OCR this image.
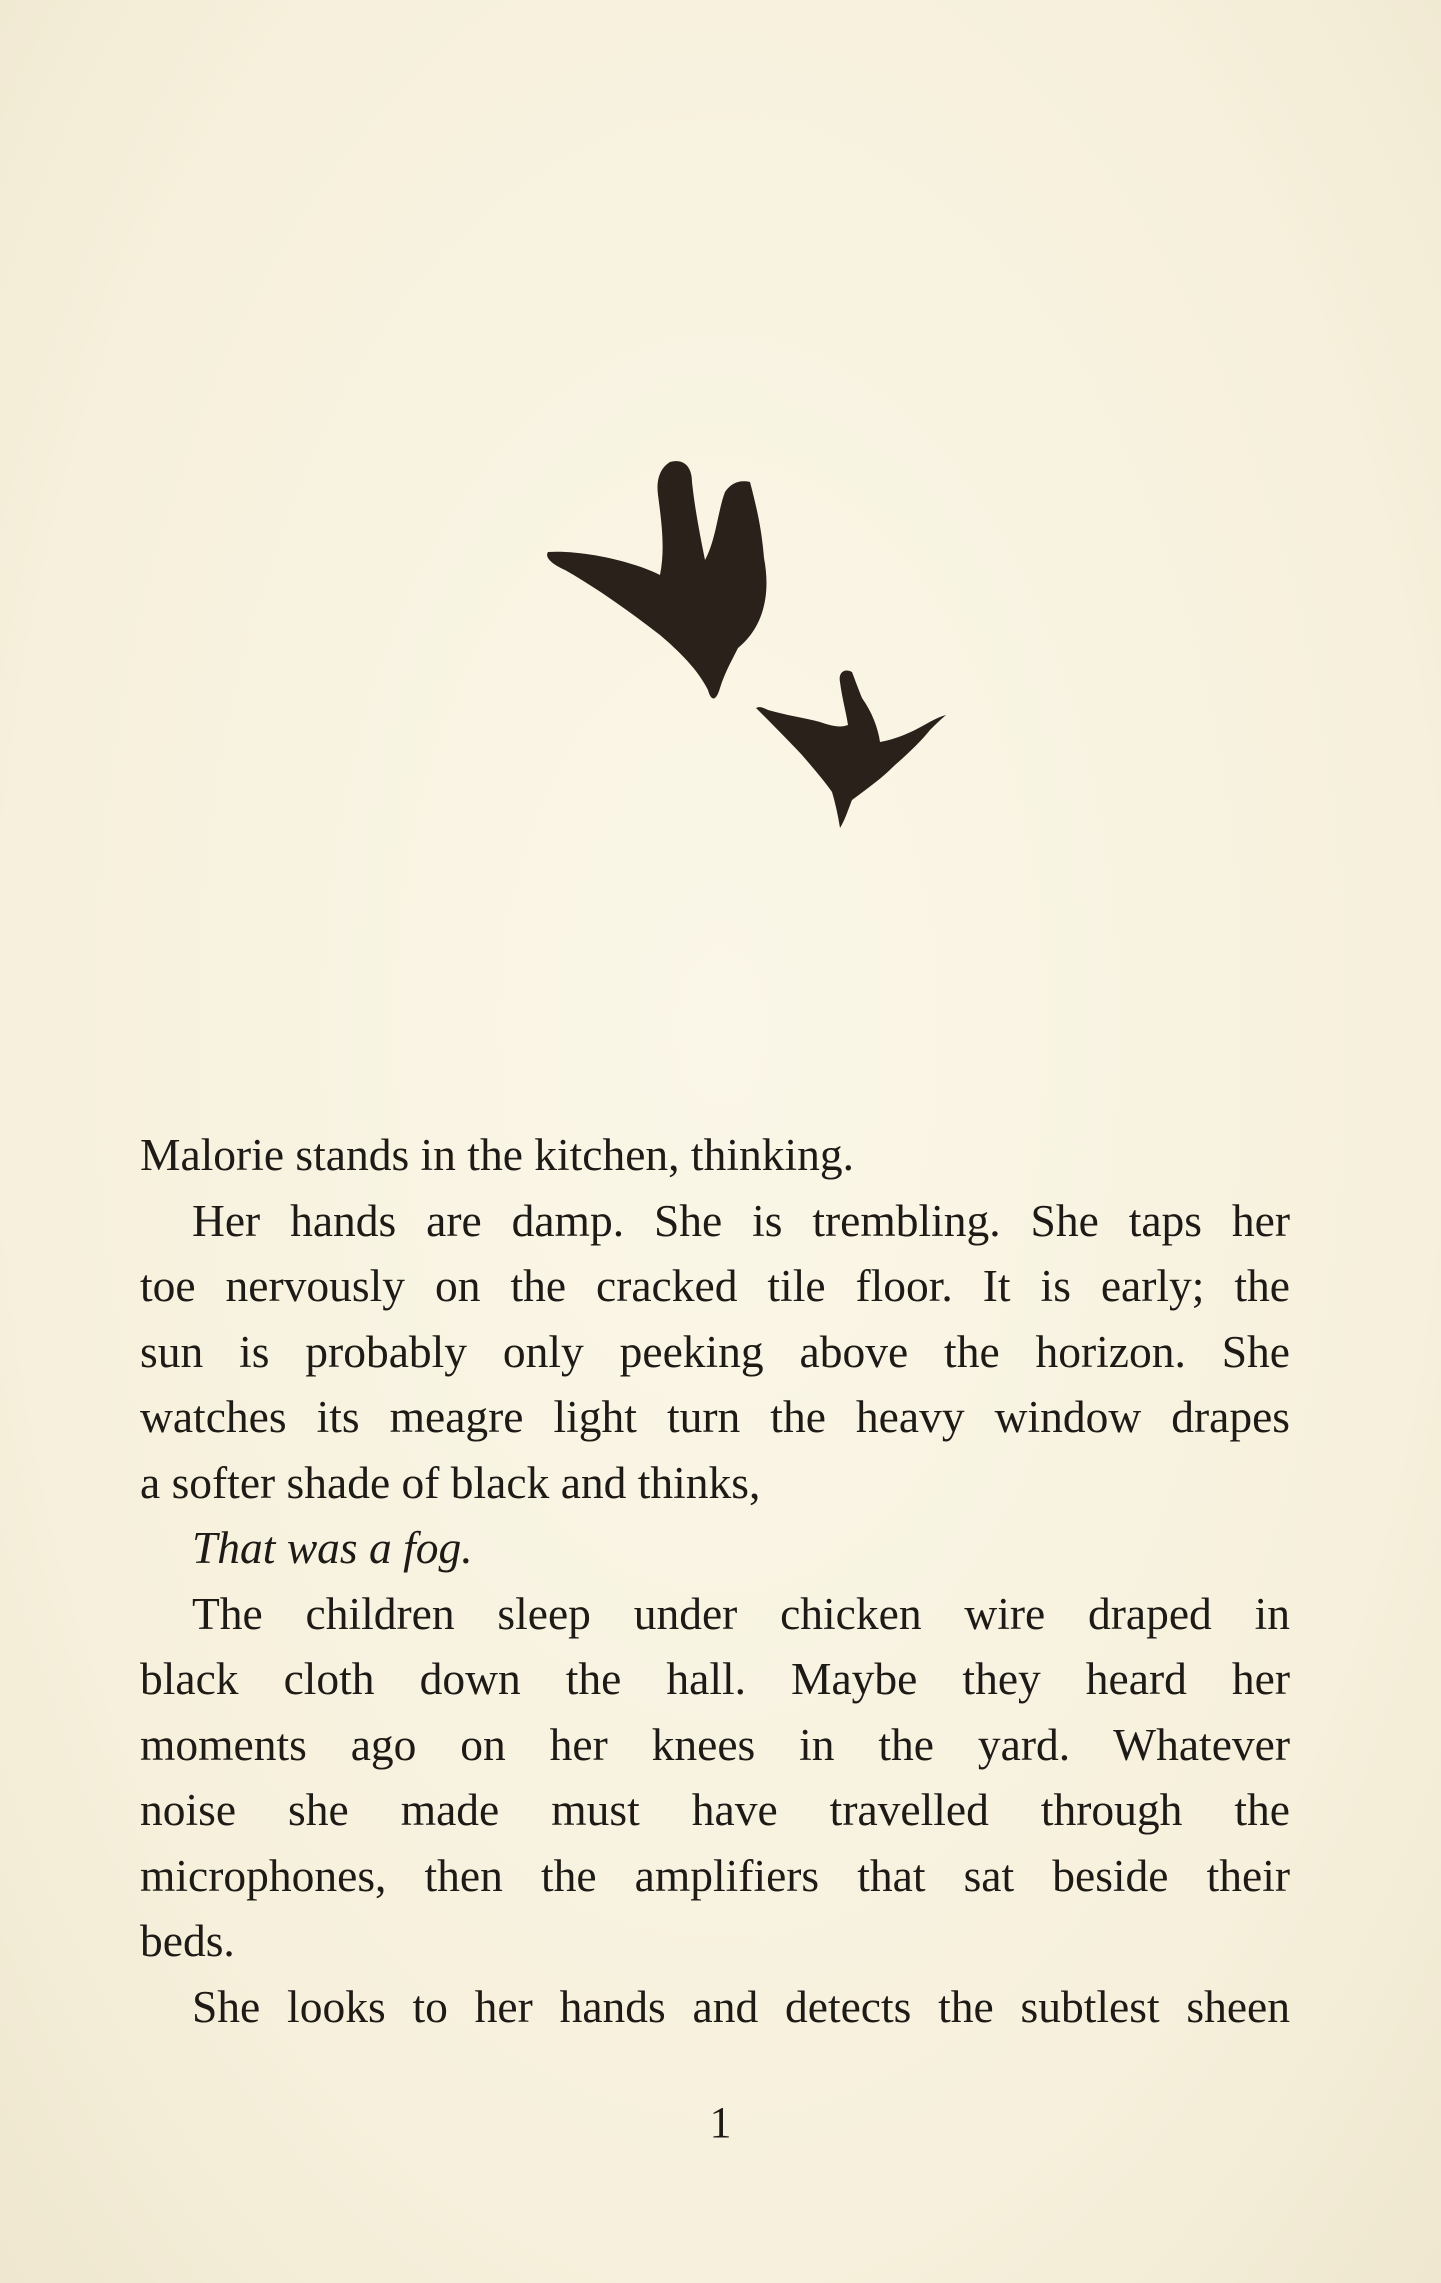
Malorie stands in the kitchen, thinking.
Her hands are damp. She is trembling. She taps her
toe nervously on the cracked tile floor. It is early; the
sun is probably only peeking above the horizon. She
watches its meagre light turn the heavy window drapes
a softer shade of black and thinks,
That was a fog.
The children sleep under chicken wire draped in
black cloth down the hall. Maybe they heard her
moments ago on her knees in the yard. Whatever
noise she made must have travelled through the
microphones, then the amplifiers that sat beside their
beds.
She looks to her hands and detects the subtlest sheen
1
